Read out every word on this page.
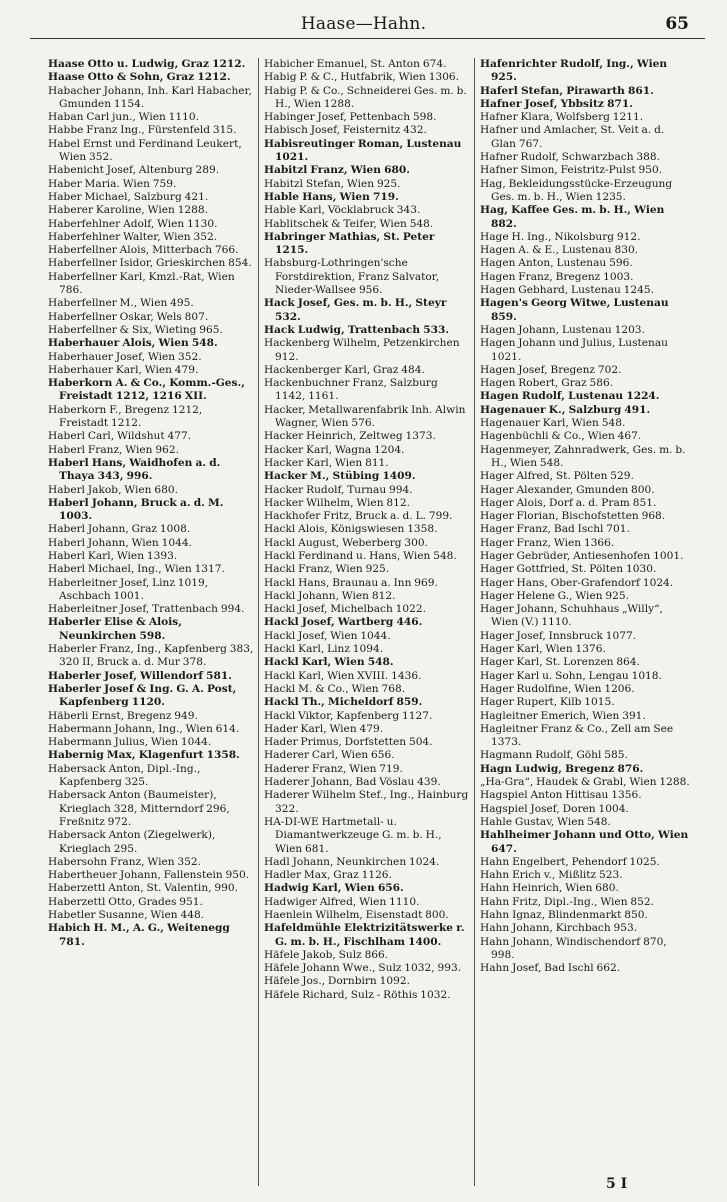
Haase—Hahn.	65
Haase Otto u. Ludwig, Graz 1212.
Haase Otto & Sohn, Graz 1212.
Habacher Johann, Inh. Karl Habacher, Gmunden 1154.
Haban Carl jun., Wien 1110.
Habbe Franz Ing., Fürstenfeld 315.
Habel Ernst und Ferdinand Leukert, Wien 352.
Habenicht Josef, Altenburg 289.
Haber Maria. Wien 759.
Haber Michael, Salzburg 421.
Haberer Karoline, Wien 1288.
Haberfehlner Adolf, Wien 1130.
Haberfehlner Walter, Wien 352.
Haberfellner Alois, Mitterbach 766.
Haberfellner Isidor, Grieskirchen 854.
Haberfellner Karl, Kmzl.-Rat, Wien 786.
Haberfellner M., Wien 495.
Haberfellner Oskar, Wels 807.
Haberfellner & Six, Wieting 965.
Haberhauer Alois, Wien 548.
Haberhauer Josef, Wien 352.
Haberhauer Karl, Wien 479.
Haberkorn A. & Co., Komm.-Ges., Freistadt 1212, 1216 XII.
Haberkorn F., Bregenz 1212, Freistadt 1212.
Haberl Carl, Wildshut 477.
Haberl Franz, Wien 962.
Haberl Hans, Waidhofen a. d. Thaya 343, 996.
Haberl Jakob, Wien 680.
Haberl Johann, Bruck a. d. M. 1003.
Haberl Johann, Graz 1008.
Haberl Johann, Wien 1044.
Haberl Karl, Wien 1393.
Haberl Michael, Ing., Wien 1317.
Haberleitner Josef, Linz 1019, Aschbach 1001.
Haberleitner Josef, Trattenbach 994.
Haberler Elise & Alois, Neunkirchen 598.
Haberler Franz, Ing., Kapfenberg 383, 320 II, Bruck a. d. Mur 378.
Haberler Josef, Willendorf 581.
Haberler Josef & Ing. G. A. Post, Kapfenberg 1120.
Häberli Ernst, Bregenz 949.
Habermann Johann, Ing., Wien 614.
Habermann Julius, Wien 1044.
Habernig Max, Klagenfurt 1358.
Habersack Anton, Dipl.-Ing., Kapfenberg 325.
Habersack Anton (Baumeister), Krieglach 328, Mitterndorf 296, Freßnitz 972.
Habersack Anton (Ziegelwerk), Krieglach 295.
Habersohn Franz, Wien 352.
Habertheuer Johann, Fallenstein 950.
Haberzettl Anton, St. Valentin, 990.
Haberzettl Otto, Grades 951.
Habetler Susanne, Wien 448.
Habich H. M., A. G., Weitenegg 781.
Habicher Emanuel, St. Anton 674.
Habig P. & C., Hutfabrik, Wien 1306.
Habig P. & Co., Schneiderei Ges. m. b. H., Wien 1288.
Habinger Josef, Pettenbach 598.
Habisch Josef, Feisternitz 432.
Habisreutinger Roman, Lustenau 1021.
Habitzl Franz, Wien 680.
Habitzl Stefan, Wien 925.
Hable Hans, Wien 719.
Hable Karl, Vöcklabruck 343.
Hablitschek & Teifer, Wien 548.
Habringer Mathias, St. Peter 1215.
Habsburg-Lothringen'sche Forstdirektion, Franz Salvator, Nieder-Wallsee 956.
Hack Josef, Ges. m. b. H., Steyr 532.
Hack Ludwig, Trattenbach 533.
Hackenberg Wilhelm, Petzenkirchen 912.
Hackenberger Karl, Graz 484.
Hackenbuchner Franz, Salzburg 1142, 1161.
Hacker, Metallwarenfabrik Inh. Alwin Wagner, Wien 576.
Hacker Heinrich, Zeltweg 1373.
Hacker Karl, Wagna 1204.
Hacker Karl, Wien 811.
Hacker M., Stübing 1409.
Hacker Rudolf, Turnau 994.
Hacker Wilhelm, Wien 812.
Hackhofer Fritz, Bruck a. d. L. 799.
Hackl Alois, Königswiesen 1358.
Hackl August, Weberberg 300.
Hackl Ferdinand u. Hans, Wien 548.
Hackl Franz, Wien 925.
Hackl Hans, Braunau a. Inn 969.
Hackl Johann, Wien 812.
Hackl Josef, Michelbach 1022.
Hackl Josef, Wartberg 446.
Hackl Josef, Wien 1044.
Hackl Karl, Linz 1094.
Hackl Karl, Wien 548.
Hackl Karl, Wien XVIII. 1436.
Hackl M. & Co., Wien 768.
Hackl Th., Micheldorf 859.
Hackl Viktor, Kapfenberg 1127.
Hader Karl, Wien 479.
Hader Primus, Dorfstetten 504.
Haderer Carl, Wien 656.
Haderer Franz, Wien 719.
Haderer Johann, Bad Vöslau 439.
Haderer Wilhelm Stef., Ing., Hainburg 322.
HA-DI-WE Hartmetall- u. Diamantwerkzeuge G. m. b. H., Wien 681.
Hadl Johann, Neunkirchen 1024.
Hadler Max, Graz 1126.
Hadwig Karl, Wien 656.
Hadwiger Alfred, Wien 1110.
Haenlein Wilhelm, Eisenstadt 800.
Hafeldmühle Elektrizitätswerke r. G. m. b. H., Fischlham 1400.
Häfele Jakob, Sulz 866.
Häfele Johann Wwe., Sulz 1032, 993.
Häfele Jos., Dornbirn 1092.
Häfele Richard, Sulz - Röthis 1032.
Hafenrichter Rudolf, Ing., Wien 925.
Haferl Stefan, Pirawarth 861.
Hafner Josef, Ybbsitz 871.
Hafner Klara, Wolfsberg 1211.
Hafner und Amlacher, St. Veit a. d. Glan 767.
Hafner Rudolf, Schwarzbach 388.
Hafner Simon, Feistritz-Pulst 950.
Hag, Bekleidungsstücke-Erzeugung Ges. m. b. H., Wien 1235.
Hag, Kaffee Ges. m. b. H., Wien 882.
Hage H. Ing., Nikolsburg 912.
Hagen A. & E., Lustenau 830.
Hagen Anton, Lustenau 596.
Hagen Franz, Bregenz 1003.
Hagen Gebhard, Lustenau 1245.
Hagen's Georg Witwe, Lustenau 859.
Hagen Johann, Lustenau 1203.
Hagen Johann und Julius, Lustenau 1021.
Hagen Josef, Bregenz 702.
Hagen Robert, Graz 586.
Hagen Rudolf, Lustenau 1224.
Hagenauer K., Salzburg 491.
Hagenauer Karl, Wien 548.
Hagenbüchli & Co., Wien 467.
Hagenmeyer, Zahnradwerk, Ges. m. b. H., Wien 548.
Hager Alfred, St. Pölten 529.
Hager Alexander, Gmunden 800.
Hager Alois, Dorf a. d. Pram 851.
Hager Florian, Bischofstetten 968.
Hager Franz, Bad Ischl 701.
Hager Franz, Wien 1366.
Hager Gebrüder, Antiesenhofen 1001.
Hager Gottfried, St. Pölten 1030.
Hager Hans, Ober-Grafendorf 1024.
Hager Helene G., Wien 925.
Hager Johann, Schuhhaus „Willy“, Wien (V.) 1110.
Hager Josef, Innsbruck 1077.
Hager Karl, Wien 1376.
Hager Karl, St. Lorenzen 864.
Hager Karl u. Sohn, Lengau 1018.
Hager Rudolfine, Wien 1206.
Hager Rupert, Kilb 1015.
Hagleitner Emerich, Wien 391.
Hagleitner Franz & Co., Zell am See 1373.
Hagmann Rudolf, Göhl 585.
Hagn Ludwig, Bregenz 876.
„Ha-Gra“, Haudek & Grabl, Wien 1288.
Hagspiel Anton Hittisau 1356.
Hagspiel Josef, Doren 1004.
Hahle Gustav, Wien 548.
Hahlheimer Johann und Otto, Wien 647.
Hahn Engelbert, Pehendorf 1025.
Hahn Erich v., Mißlitz 523.
Hahn Heinrich, Wien 680.
Hahn Fritz, Dipl.-Ing., Wien 852.
Hahn Ignaz, Blindenmarkt 850.
Hahn Johann, Kirchbach 953.
Hahn Johann, Windischendorf 870, 998.
Hahn Josef, Bad Ischl 662.
5 I
